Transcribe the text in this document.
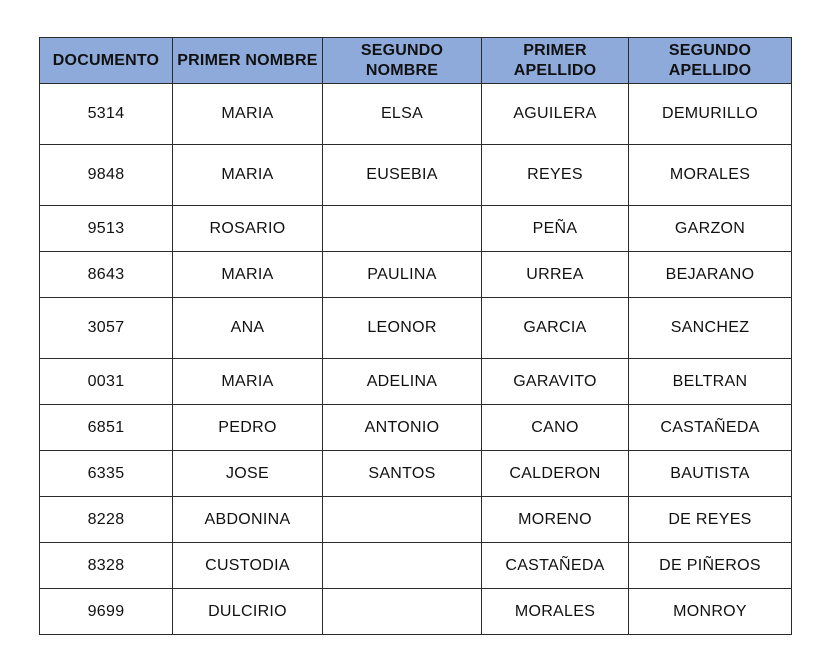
DOCUMENTO	PRIMER NOMBRE	SEGUNDO NOMBRE	PRIMER APELLIDO	SEGUNDO APELLIDO
5314	MARIA	ELSA	AGUILERA	DEMURILLO
9848	MARIA	EUSEBIA	REYES	MORALES
9513	ROSARIO		PEÑA	GARZON
8643	MARIA	PAULINA	URREA	BEJARANO
3057	ANA	LEONOR	GARCIA	SANCHEZ
0031	MARIA	ADELINA	GARAVITO	BELTRAN
6851	PEDRO	ANTONIO	CANO	CASTAÑEDA
6335	JOSE	SANTOS	CALDERON	BAUTISTA
8228	ABDONINA		MORENO	DE REYES
8328	CUSTODIA		CASTAÑEDA	DE PIÑEROS
9699	DULCIRIO		MORALES	MONROY
